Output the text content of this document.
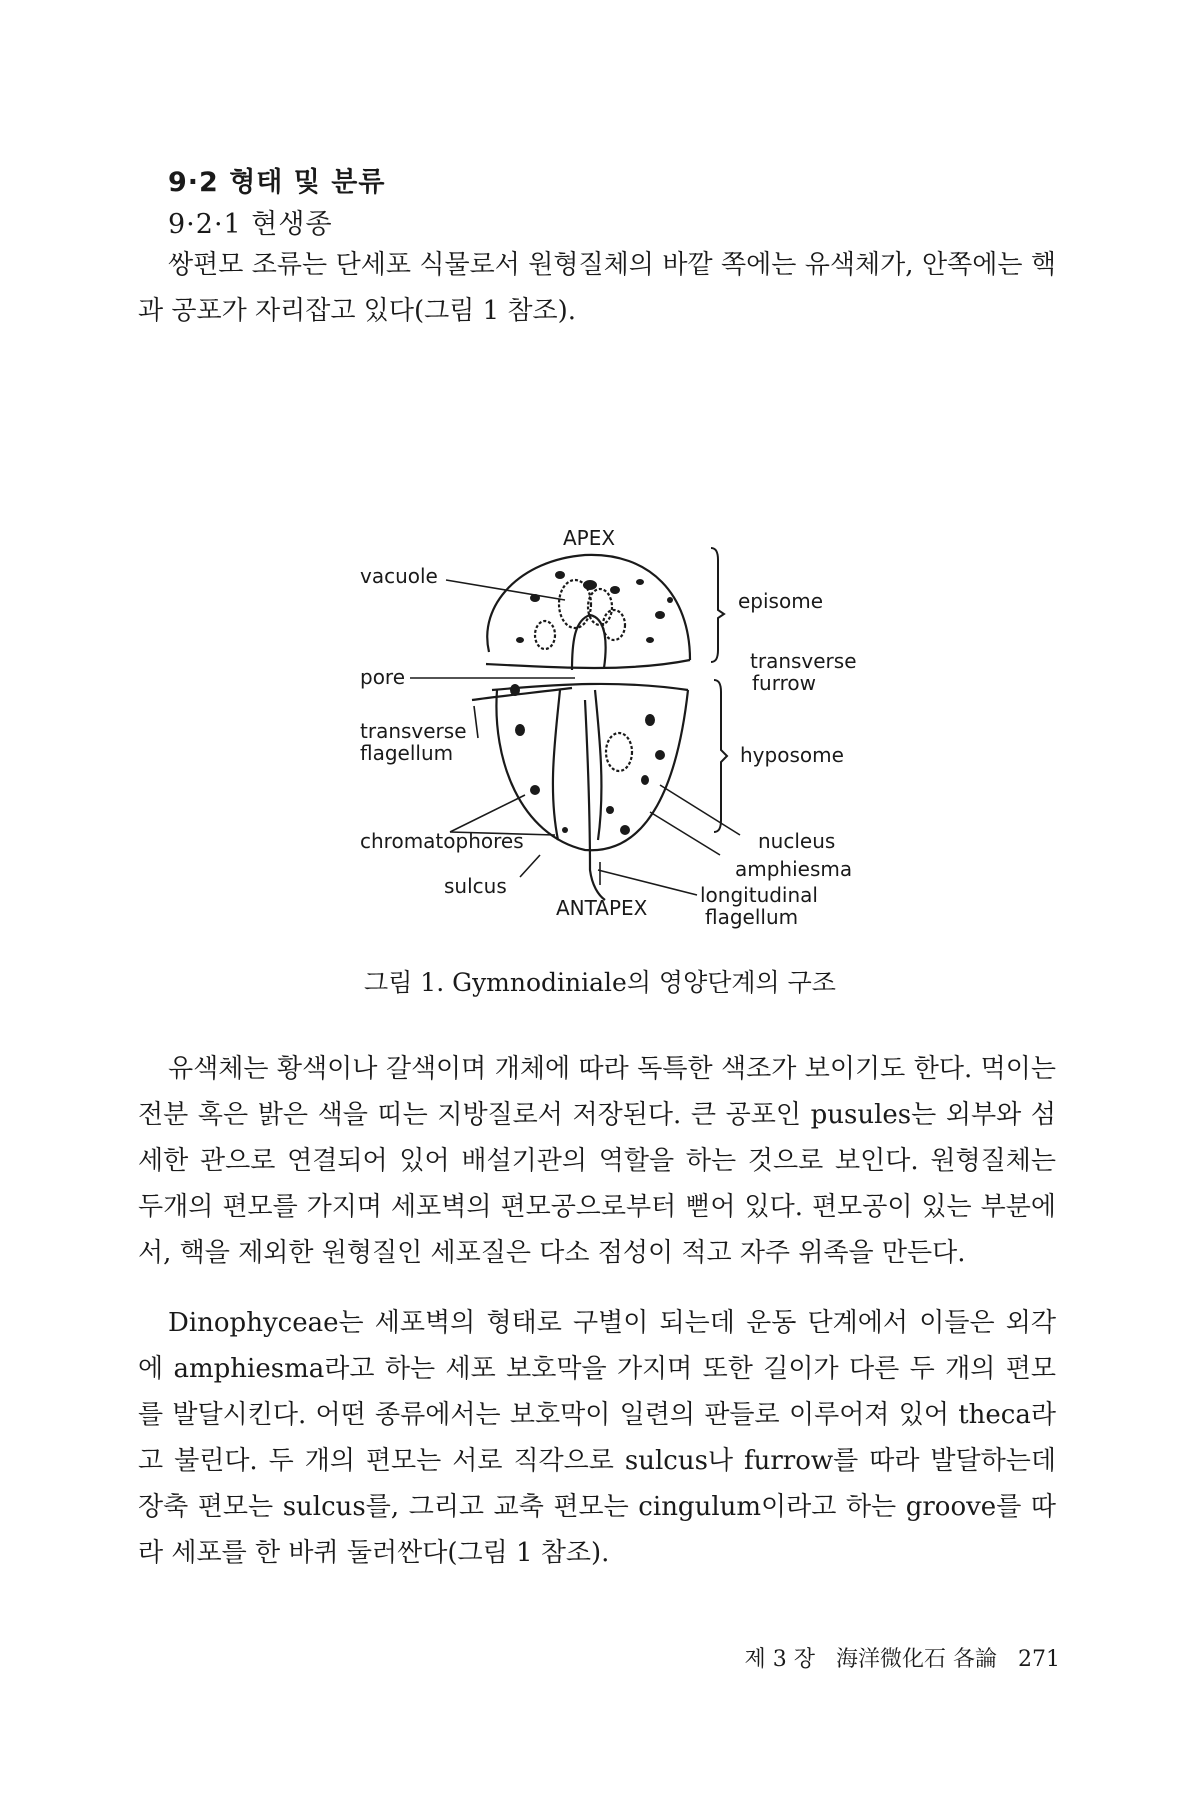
9·2 형태 및 분류
9·2·1 현생종
쌍편모 조류는 단세포 식물로서 원형질체의 바깥 쪽에는 유색체가, 안쪽에는 핵과 공포가 자리잡고 있다(그림 1 참조).
APEX
vacuole
episome
transverse
furrow
pore
transverse
flagellum	hyposome
chromatophores	nucleus
amphiesma
sulcus
ANTAPEX
longitudinal
flagellum
그림 1. Gymnodiniale의 영양단계의 구조
유색체는 황색이나 갈색이며 개체에 따라 독특한 색조가 보이기도 한다. 먹이는 전분 혹은 밝은 색을 띠는 지방질로서 저장된다. 큰 공포인 pusules는 외부와 섬세한 관으로 연결되어 있어 배설기관의 역할을 하는 것으로 보인다. 원형질체는 두개의 편모를 가지며 세포벽의 편모공으로부터 뻗어 있다. 편모공이 있는 부분에서, 핵을 제외한 원형질인 세포질은 다소 점성이 적고 자주 위족을 만든다.
Dinophyceae는 세포벽의 형태로 구별이 되는데 운동 단계에서 이들은 외각에 amphiesma라고 하는 세포 보호막을 가지며 또한 길이가 다른 두 개의 편모를 발달시킨다. 어떤 종류에서는 보호막이 일련의 판들로 이루어져 있어 theca라고 불린다. 두 개의 편모는 서로 직각으로 sulcus나 furrow를 따라 발달하는데 장축 편모는 sulcus를, 그리고 교축 편모는 cingulum이라고 하는 groove를 따라 세포를 한 바퀴 둘러싼다(그림 1 참조).
제 3 장 海洋微化石 各論 271
